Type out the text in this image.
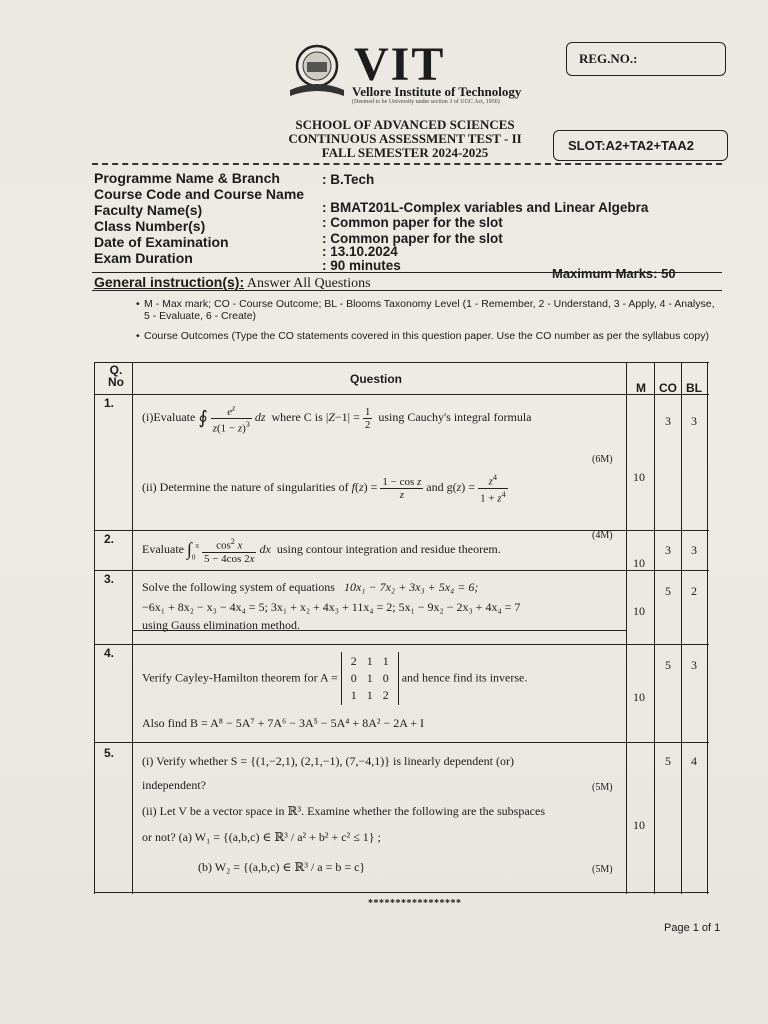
VIT
Vellore Institute of Technology
(Deemed to be University under section 3 of UGC Act, 1956)
REG.NO.:
SCHOOL OF ADVANCED SCIENCES
CONTINUOUS ASSESSMENT TEST - II
FALL SEMESTER 2024-2025	SLOT:A2+TA2+TAA2
Programme Name & Branch	: B.Tech
Course Code and Course Name
: BMAT201L-Complex variables and Linear Algebra
Faculty Name(s)
: Common paper for the slot
Class Number(s)
: Common paper for the slot
Date of Examination
: 13.10.2024
Exam Duration	: 90 minutes
Maximum Marks: 50
General instruction(s): Answer All Questions
• M - Max mark; CO - Course Outcome; BL - Blooms Taxonomy Level (1 - Remember, 2 - Understand, 3 - Apply, 4 - Analyse, 5 - Evaluate, 6 - Create)
• Course Outcomes (Type the CO statements covered in this question paper. Use the CO number as per the syllabus copy)
Q. No	Question
M CO BL
1.
(i)Evaluate ∮ $\frac{e^z}{z(1 - z)^3}$ dz where C is $|Z-1| = \frac{1}{2}$ using Cauchy's integral formula
(6M)
(ii) Determine the nature of singularities of $f(z) = \frac{\text{1 − cos z}}{z}$ and $g(z) = \frac{z^4}{1 + z^4}$
(4M)
10
3	3
2.
Evaluate $\int_0^\pi \frac{\cos^2 x}{5 - 4\cos 2x}$ dx using contour integration and residue theorem.
10
3	3
3.
Solve the following system of equations 10x₁ − 7x₂ + 3x₃ + 5x₄ = 6;
−6x₁ + 8x₂ − x₃ − 4x₄ = 5; 3x₁ + x₂ + 4x₃ + 11x₄ = 2; 5x₁ − 9x₂ − 2x₃ + 4x₄ = 7
using Gauss elimination method.
10
5	2
4.
Verify Cayley-Hamilton theorem for A = 2 1 1
0 1 0
1 1 2 and hence find its inverse.
Also find B = A⁸ − 5A⁷ + 7A⁶ − 3A⁵ − 5A⁴ + 8A² − 2A + I
10
5	3
5.
(i) Verify whether S = {(1,−2,1), (2,1,−1), (7,−4,1)} is linearly dependent (or)
independent?	(5M)
(ii) Let V be a vector space in ℝ³. Examine whether the following are the subspaces
or not? (a) W₁ = {(a,b,c) ∈ ℝ³ / a² + b² + c² ≤ 1} ;
(b) W₂ = {(a,b,c) ∈ ℝ³ / a = b = c}	(5M)
10
5	4
*****************
Page 1 of 1
